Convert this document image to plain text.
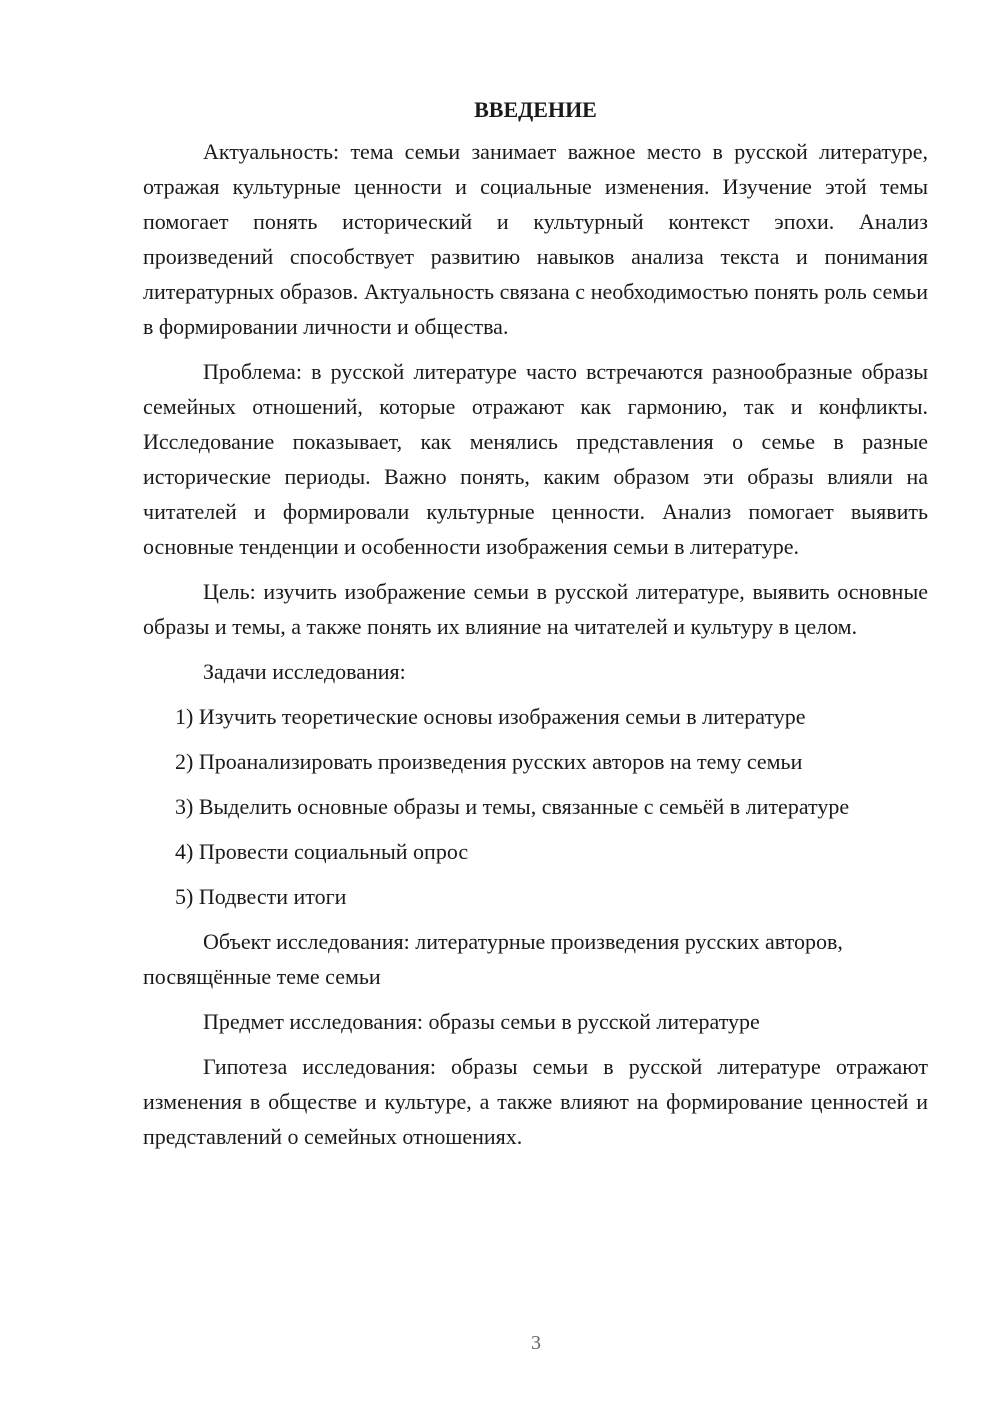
ВВЕДЕНИЕ

Актуальность: тема семьи занимает важное место в русской литературе, отражая культурные ценности и социальные изменения. Изучение этой темы помогает понять исторический и культурный контекст эпохи. Анализ произведений способствует развитию навыков анализа текста и понимания литературных образов. Актуальность связана с необходимостью понять роль семьи в формировании личности и общества.

Проблема: в русской литературе часто встречаются разнообразные образы семейных отношений, которые отражают как гармонию, так и конфликты. Исследование показывает, как менялись представления о семье в разные исторические периоды. Важно понять, каким образом эти образы влияли на читателей и формировали культурные ценности. Анализ помогает выявить основные тенденции и особенности изображения семьи в литературе.

Цель: изучить изображение семьи в русской литературе, выявить основные образы и темы, а также понять их влияние на читателей и культуру в целом.

Задачи исследования:

1) Изучить теоретические основы изображения семьи в литературе
2) Проанализировать произведения русских авторов на тему семьи
3) Выделить основные образы и темы, связанные с семьёй в литературе
4) Провести социальный опрос
5) Подвести итоги

Объект исследования: литературные произведения русских авторов, посвящённые теме семьи

Предмет исследования: образы семьи в русской литературе

Гипотеза исследования: образы семьи в русской литературе отражают изменения в обществе и культуре, а также влияют на формирование ценностей и представлений о семейных отношениях.

3
